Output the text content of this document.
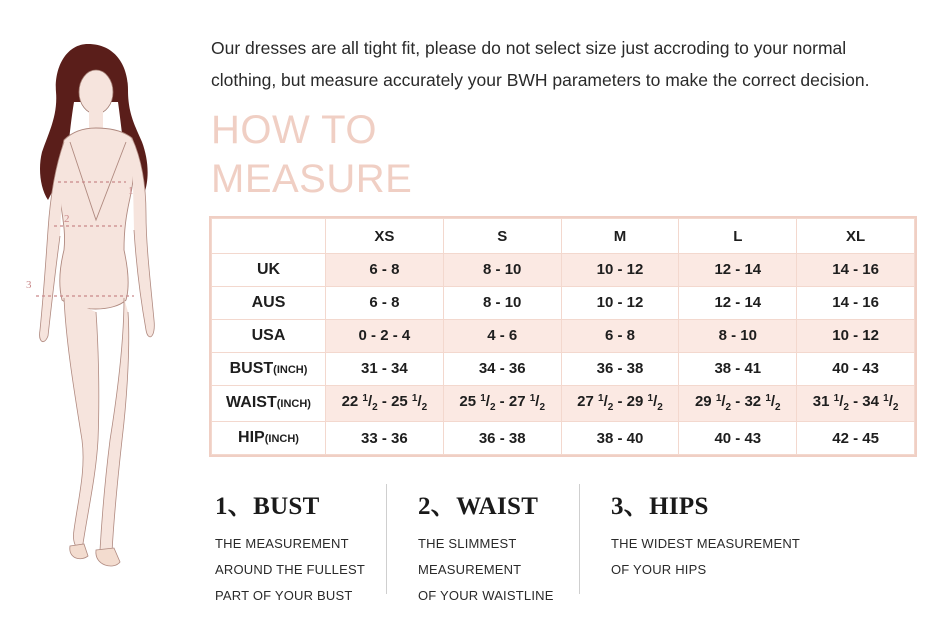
1
2
3

Our dresses are all tight fit, please do not select size just accroding to your normal

clothing, but measure accurately your BWH parameters to make the correct decision.

HOW TO
MEASURE
	XS	S	M	L	XL
UK	6 - 8	8 - 10	10 - 12	12 - 14	14 - 16
AUS	6 - 8	8 - 10	10 - 12	12 - 14	14 - 16
USA	0 - 2 - 4	4 - 6	6 - 8	8 - 10	10 - 12
BUST(INCH)	31 - 34	34 - 36	36 - 38	38 - 41	40 - 43
WAIST(INCH)	22 $^1/_2 - 25$ $^1/_2$	25 $^1/_2 - 27$ $^1/_2$	27 $^1/_2 - 29$ $^1/_2$	29 $^1/_2 - 32$ $^1/_2$	31 $^1/_2 - 34$ $^1/_2$
HIP(INCH)	33 - 36	36 - 38	38 - 40	40 - 43	42 - 45
1、BUST
THE MEASUREMENT
AROUND THE FULLEST
PART OF YOUR BUST
2、WAIST
THE SLIMMEST
MEASUREMENT
OF YOUR WAISTLINE
3、HIPS
THE WIDEST MEASUREMENT
OF YOUR HIPS
